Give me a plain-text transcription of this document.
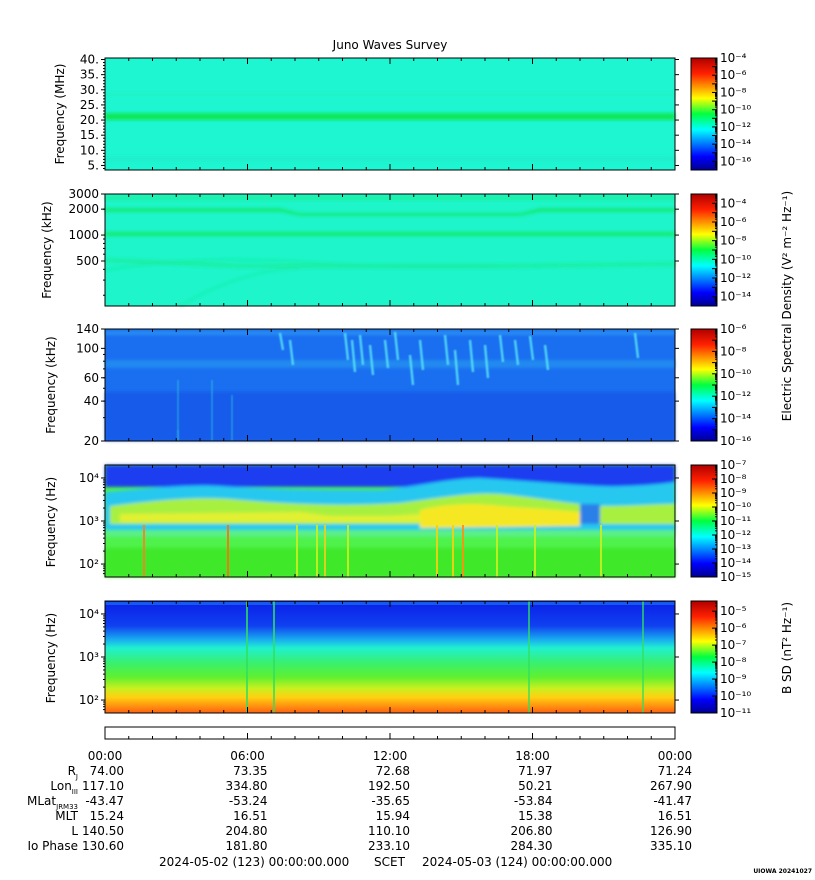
Juno Waves Survey
5.
10.
15.
20.
25.
30.
35.
40.
Frequency (MHz)
500
1000
2000
3000
Frequency (kHz)
20
40
60
100
140
Frequency (kHz)
10²
10³
10⁴
Frequency (Hz)
10²
10³
10⁴
Frequency (Hz)
10⁻¹⁶
10⁻¹⁴
10⁻¹²
10⁻¹⁰
10⁻⁸
10⁻⁶
10⁻⁴
10⁻¹⁴
10⁻¹²
10⁻¹⁰
10⁻⁸
10⁻⁶
10⁻⁴
10⁻¹⁶
10⁻¹⁴
10⁻¹²
10⁻¹⁰
10⁻⁸
10⁻⁶
10⁻¹⁵
10⁻¹⁴
10⁻¹³
10⁻¹²
10⁻¹¹
10⁻¹⁰
10⁻⁹
10⁻⁸
10⁻⁷
10⁻¹¹
10⁻¹⁰
10⁻⁹
10⁻⁸
10⁻⁷
10⁻⁶
10⁻⁵
Electric Spectral Density (V² m⁻² Hz⁻¹)
B SD (nT² Hz⁻¹)
00:00	06:00	12:00	18:00	00:00
$R_J$ 74.00	73.35	72.68	71.97	71.24
Lon$_{III}$ 117.10	334.80	192.50	50.21	267.90
MLat$_{JRM33}$ -43.47	-53.24	-35.65	-53.84	-41.47
MLT 15.24	16.51	15.94	15.38	16.51
L 140.50	204.80	110.10	206.80	126.90
Io Phase 130.60	181.80	233.10	284.30	335.10
2024-05-02 (123) 00:00:00.000 SCET 2024-05-03 (124) 00:00:00.000
UIOWA 20241027
